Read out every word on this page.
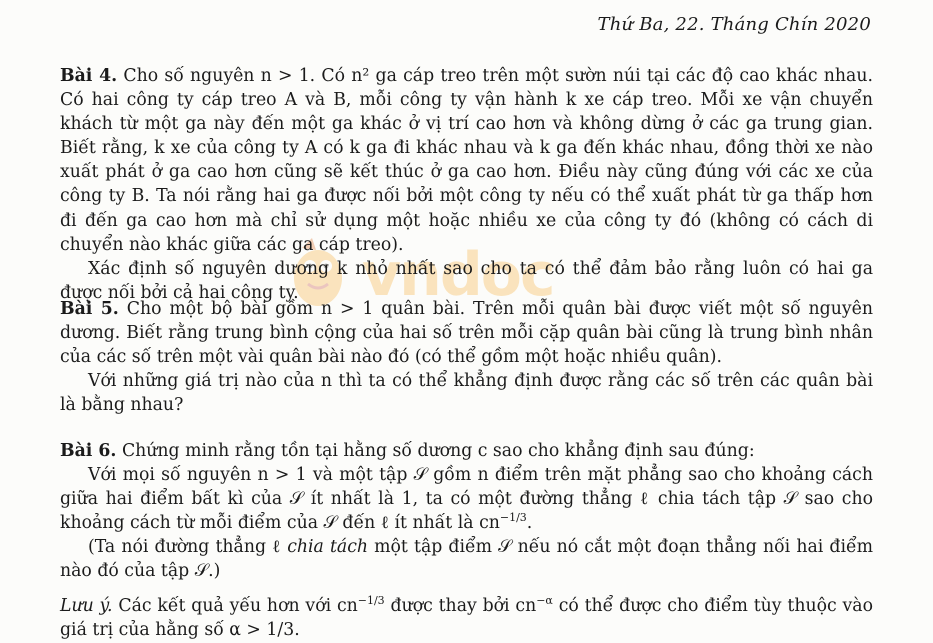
Thứ Ba, 22. Tháng Chín 2020
vndoc

Bài 4. Cho số nguyên n > 1. Có n² ga cáp treo trên một sườn núi tại các độ cao khác nhau. Có hai công ty cáp treo A và B, mỗi công ty vận hành k xe cáp treo. Mỗi xe vận chuyển khách từ một ga này đến một ga khác ở vị trí cao hơn và không dừng ở các ga trung gian. Biết rằng, k xe của công ty A có k ga đi khác nhau và k ga đến khác nhau, đồng thời xe nào xuất phát ở ga cao hơn cũng sẽ kết thúc ở ga cao hơn. Điều này cũng đúng với các xe của công ty B. Ta nói rằng hai ga được nối bởi một công ty nếu có thể xuất phát từ ga thấp hơn đi đến ga cao hơn mà chỉ sử dụng một hoặc nhiều xe của công ty đó (không có cách di chuyển nào khác giữa các ga cáp treo).

Xác định số nguyên dương k nhỏ nhất sao cho ta có thể đảm bảo rằng luôn có hai ga được nối bởi cả hai công ty.

Bài 5. Cho một bộ bài gồm n > 1 quân bài. Trên mỗi quân bài được viết một số nguyên dương. Biết rằng trung bình cộng của hai số trên mỗi cặp quân bài cũng là trung bình nhân của các số trên một vài quân bài nào đó (có thể gồm một hoặc nhiều quân).

Với những giá trị nào của n thì ta có thể khẳng định được rằng các số trên các quân bài là bằng nhau?

Bài 6. Chứng minh rằng tồn tại hằng số dương c sao cho khẳng định sau đúng:

Với mọi số nguyên n > 1 và một tập 𝒮 gồm n điểm trên mặt phẳng sao cho khoảng cách giữa hai điểm bất kì của 𝒮 ít nhất là 1, ta có một đường thẳng ℓ chia tách tập 𝒮 sao cho khoảng cách từ mỗi điểm của 𝒮 đến ℓ ít nhất là $cn^{-1/3}$.

(Ta nói đường thẳng ℓ chia tách một tập điểm 𝒮 nếu nó cắt một đoạn thẳng nối hai điểm nào đó của tập 𝒮.)

Lưu ý. Các kết quả yếu hơn với $cn^{-1/3}$ được thay bởi $cn^{-\alpha}$ có thể được cho điểm tùy thuộc vào giá trị của hằng số α > 1/3.
